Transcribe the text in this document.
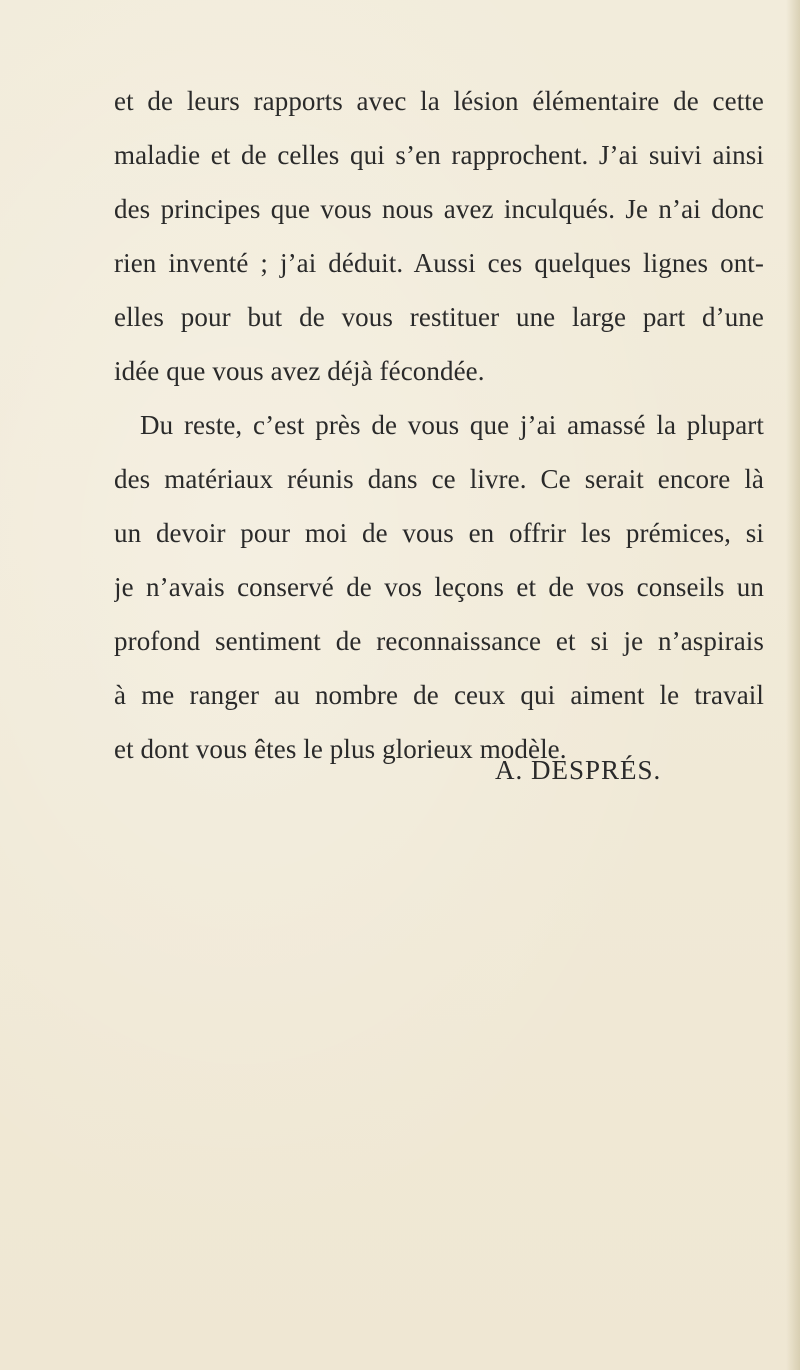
et de leurs rapports avec la lésion élémentaire de cette
maladie et de celles qui s’en rapprochent. J’ai suivi ainsi
des principes que vous nous avez inculqués. Je n’ai donc
rien inventé ; j’ai déduit. Aussi ces quelques lignes ont-
elles pour but de vous restituer une large part d’une
idée que vous avez déjà fécondée.
Du reste, c’est près de vous que j’ai amassé la plupart
des matériaux réunis dans ce livre. Ce serait encore là
un devoir pour moi de vous en offrir les prémices, si
je n’avais conservé de vos leçons et de vos conseils un
profond sentiment de reconnaissance et si je n’aspirais
à me ranger au nombre de ceux qui aiment le travail
et dont vous êtes le plus glorieux modèle.
A. DESPRÉS.
